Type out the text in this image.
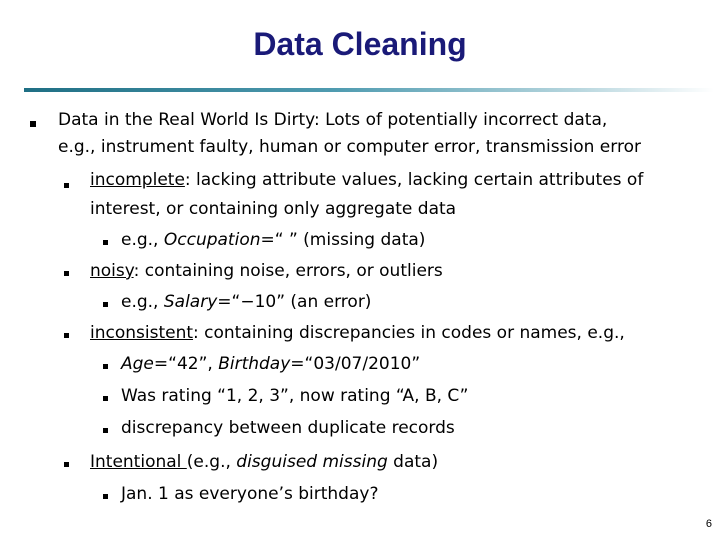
Data Cleaning
Data in the Real World Is Dirty: Lots of potentially incorrect data,
e.g., instrument faulty, human or computer error, transmission error
incomplete: lacking attribute values, lacking certain attributes of
interest, or containing only aggregate data
e.g., Occupation=“ ” (missing data)
noisy: containing noise, errors, or outliers
e.g., Salary=“−10” (an error)
inconsistent: containing discrepancies in codes or names, e.g.,
Age=“42”, Birthday=“03/07/2010”
Was rating “1, 2, 3”, now rating “A, B, C”
discrepancy between duplicate records
Intentional (e.g., disguised missing data)
Jan. 1 as everyone’s birthday?
6
